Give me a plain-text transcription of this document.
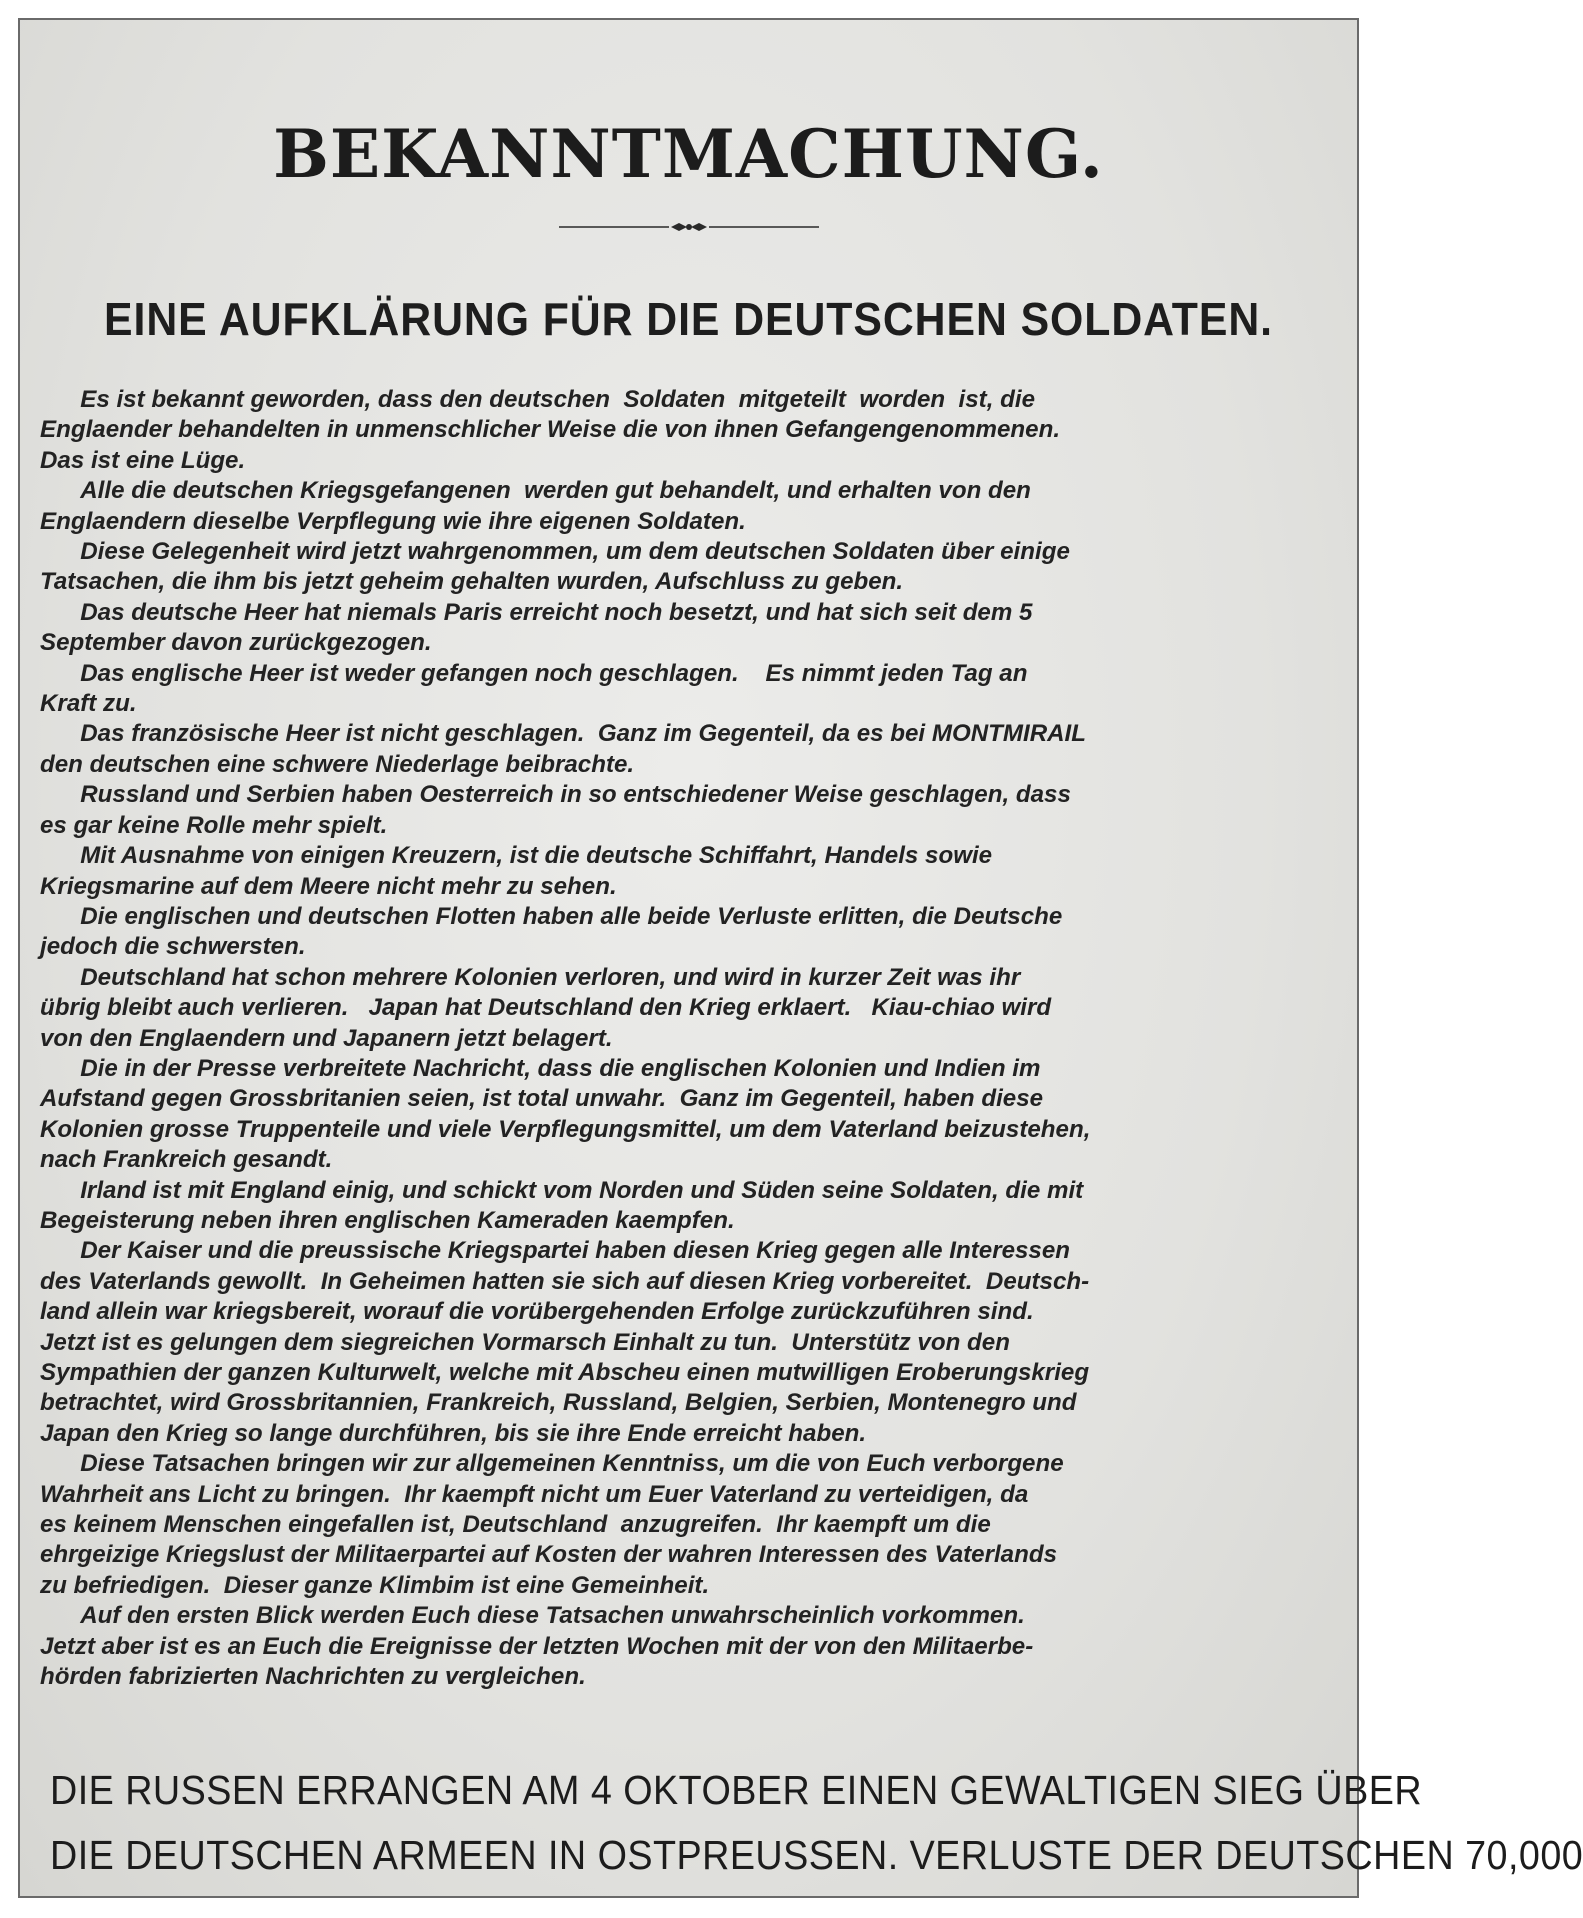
BEKANNTMACHUNG.
EINE AUFKLÄRUNG FÜR DIE DEUTSCHEN SOLDATEN.
Es ist bekannt geworden, dass den deutschen  Soldaten  mitgeteilt  worden  ist, die
Englaender behandelten in unmenschlicher Weise die von ihnen Gefangengenommenen.
Das ist eine Lüge.
Alle die deutschen Kriegsgefangenen  werden gut behandelt, und erhalten von den
Englaendern dieselbe Verpflegung wie ihre eigenen Soldaten.
Diese Gelegenheit wird jetzt wahrgenommen, um dem deutschen Soldaten über einige
Tatsachen, die ihm bis jetzt geheim gehalten wurden, Aufschluss zu geben.
Das deutsche Heer hat niemals Paris erreicht noch besetzt, und hat sich seit dem 5
September davon zurückgezogen.
Das englische Heer ist weder gefangen noch geschlagen.    Es nimmt jeden Tag an
Kraft zu.
Das französische Heer ist nicht geschlagen.  Ganz im Gegenteil, da es bei MONTMIRAIL
den deutschen eine schwere Niederlage beibrachte.
Russland und Serbien haben Oesterreich in so entschiedener Weise geschlagen, dass
es gar keine Rolle mehr spielt.
Mit Ausnahme von einigen Kreuzern, ist die deutsche Schiffahrt, Handels sowie
Kriegsmarine auf dem Meere nicht mehr zu sehen.
Die englischen und deutschen Flotten haben alle beide Verluste erlitten, die Deutsche
jedoch die schwersten.
Deutschland hat schon mehrere Kolonien verloren, und wird in kurzer Zeit was ihr
übrig bleibt auch verlieren.   Japan hat Deutschland den Krieg erklaert.   Kiau-chiao wird
von den Englaendern und Japanern jetzt belagert.
Die in der Presse verbreitete Nachricht, dass die englischen Kolonien und Indien im
Aufstand gegen Grossbritanien seien, ist total unwahr.  Ganz im Gegenteil, haben diese
Kolonien grosse Truppenteile und viele Verpflegungsmittel, um dem Vaterland beizustehen,
nach Frankreich gesandt.
Irland ist mit England einig, und schickt vom Norden und Süden seine Soldaten, die mit
Begeisterung neben ihren englischen Kameraden kaempfen.
Der Kaiser und die preussische Kriegspartei haben diesen Krieg gegen alle Interessen
des Vaterlands gewollt.  In Geheimen hatten sie sich auf diesen Krieg vorbereitet.  Deutsch-
land allein war kriegsbereit, worauf die vorübergehenden Erfolge zurückzuführen sind.
Jetzt ist es gelungen dem siegreichen Vormarsch Einhalt zu tun.  Unterstütz von den
Sympathien der ganzen Kulturwelt, welche mit Abscheu einen mutwilligen Eroberungskrieg
betrachtet, wird Grossbritannien, Frankreich, Russland, Belgien, Serbien, Montenegro und
Japan den Krieg so lange durchführen, bis sie ihre Ende erreicht haben.
Diese Tatsachen bringen wir zur allgemeinen Kenntniss, um die von Euch verborgene
Wahrheit ans Licht zu bringen.  Ihr kaempft nicht um Euer Vaterland zu verteidigen, da
es keinem Menschen eingefallen ist, Deutschland  anzugreifen.  Ihr kaempft um die
ehrgeizige Kriegslust der Militaerpartei auf Kosten der wahren Interessen des Vaterlands
zu befriedigen.  Dieser ganze Klimbim ist eine Gemeinheit.
Auf den ersten Blick werden Euch diese Tatsachen unwahrscheinlich vorkommen.
Jetzt aber ist es an Euch die Ereignisse der letzten Wochen mit der von den Militaerbe-
hörden fabrizierten Nachrichten zu vergleichen.
DIE RUSSEN ERRANGEN AM 4 OKTOBER EINEN GEWALTIGEN SIEG ÜBER
DIE DEUTSCHEN ARMEEN IN OSTPREUSSEN. VERLUSTE DER DEUTSCHEN 70,000
